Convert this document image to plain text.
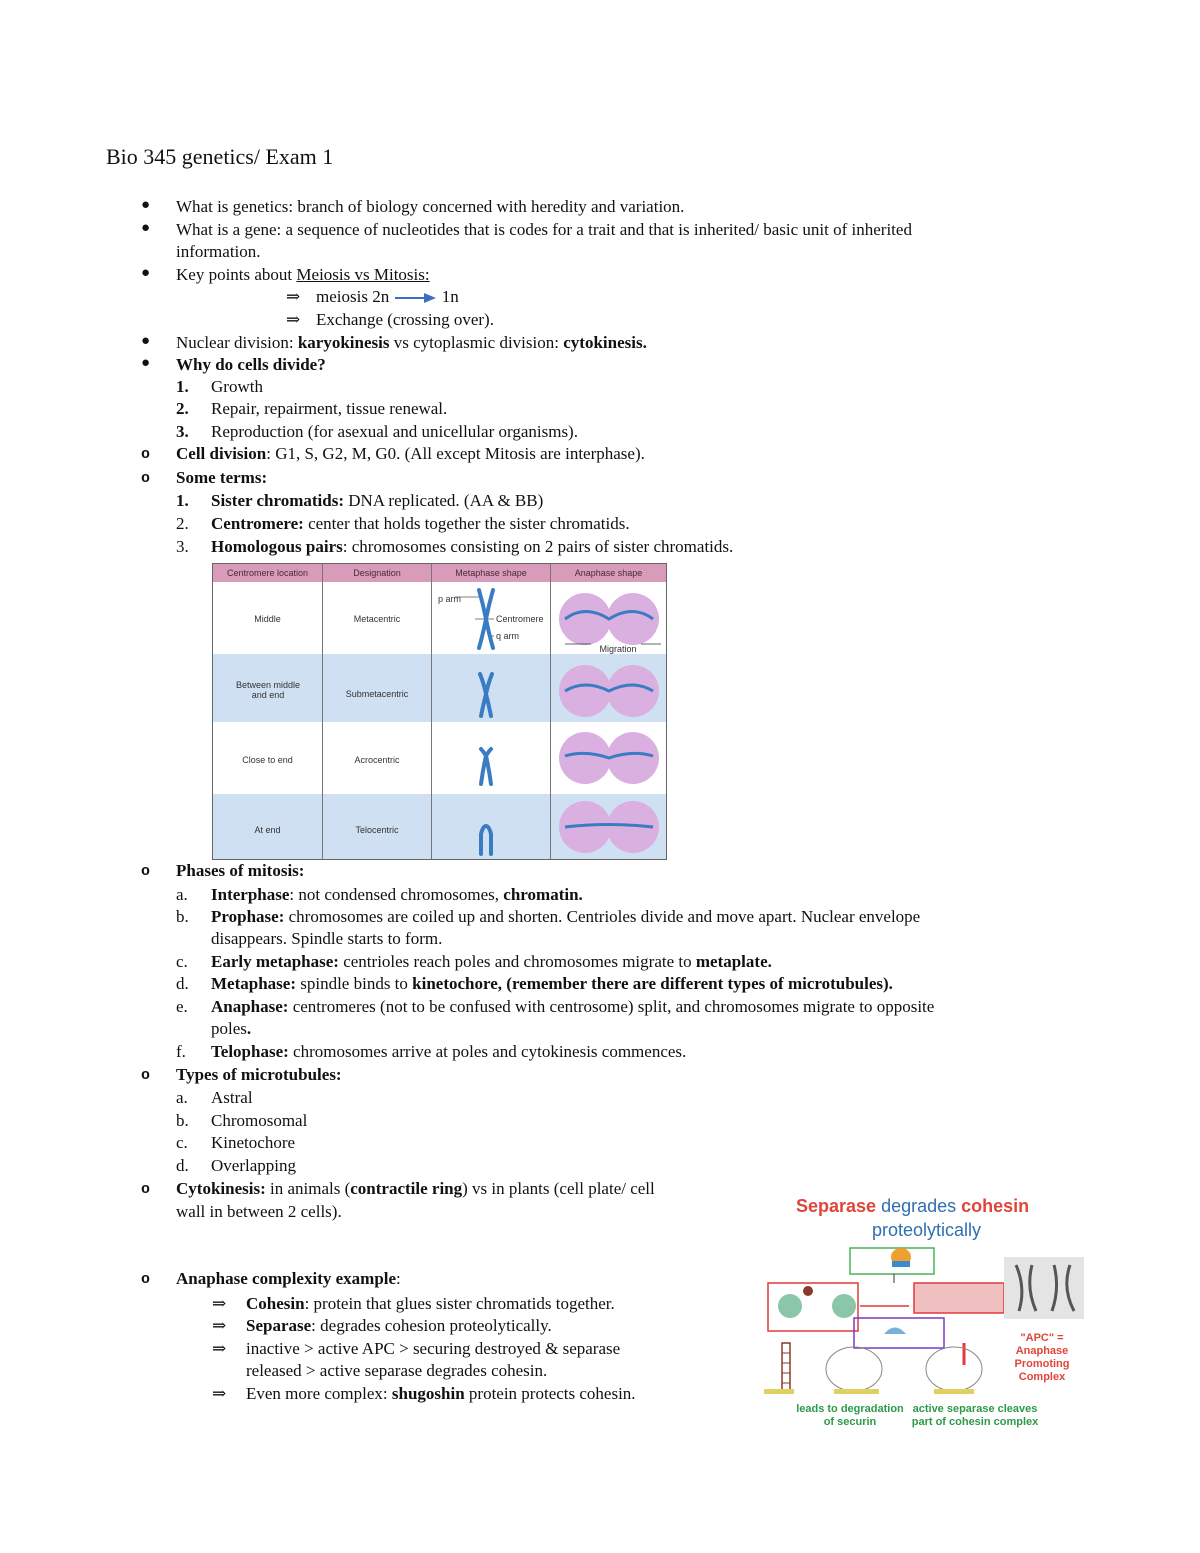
Bio 345 genetics/ Exam 1
● What is genetics: branch of biology concerned with heredity and variation.
● What is a gene: a sequence of nucleotides that is codes for a trait and that is inherited/ basic unit of inherited
information.
● Key points about Meiosis vs Mitosis:
⇒ meiosis 2n	1n
⇒ Exchange (crossing over).
● Nuclear division: karyokinesis vs cytoplasmic division: cytokinesis.
● Why do cells divide?
1. Growth
2. Repair, repairment, tissue renewal.
3. Reproduction (for asexual and unicellular organisms).
o Cell division: G1, S, G2, M, G0. (All except Mitosis are interphase).
o Some terms:
1. Sister chromatids: DNA replicated. (AA & BB)
2. Centromere: center that holds together the sister chromatids.
3. Homologous pairs: chromosomes consisting on 2 pairs of sister chromatids.
Centromere location	Designation	Metaphase shape	Anaphase shape
Middle	Metacentric
Between middle and end	Submetacentric
Close to end	Acrocentric
At end	Telocentric
p arm
Centromere
q arm
Migration
o Phases of mitosis:
a. Interphase: not condensed chromosomes, chromatin.
b. Prophase: chromosomes are coiled up and shorten. Centrioles divide and move apart. Nuclear envelope
disappears. Spindle starts to form.
c. Early metaphase: centrioles reach poles and chromosomes migrate to metaplate.
d. Metaphase: spindle binds to kinetochore, (remember there are different types of microtubules).
e. Anaphase: centromeres (not to be confused with centrosome) split, and chromosomes migrate to opposite
poles.
f. Telophase: chromosomes arrive at poles and cytokinesis commences.
o Types of microtubules:
a. Astral
b. Chromosomal
c. Kinetochore
d. Overlapping
o Cytokinesis: in animals (contractile ring) vs in plants (cell plate/ cell
wall in between 2 cells).
o Anaphase complexity example:
⇒ Cohesin: protein that glues sister chromatids together.
⇒ Separase: degrades cohesion proteolytically.
⇒ inactive > active APC > securing destroyed & separase
released > active separase degrades cohesin.
⇒ Even more complex: shugoshin protein protects cohesin.
Separase degrades cohesin
proteolytically
"APC" = Anaphase Promoting Complex
leads to degradation of securin
active separase cleaves part of cohesin complex
